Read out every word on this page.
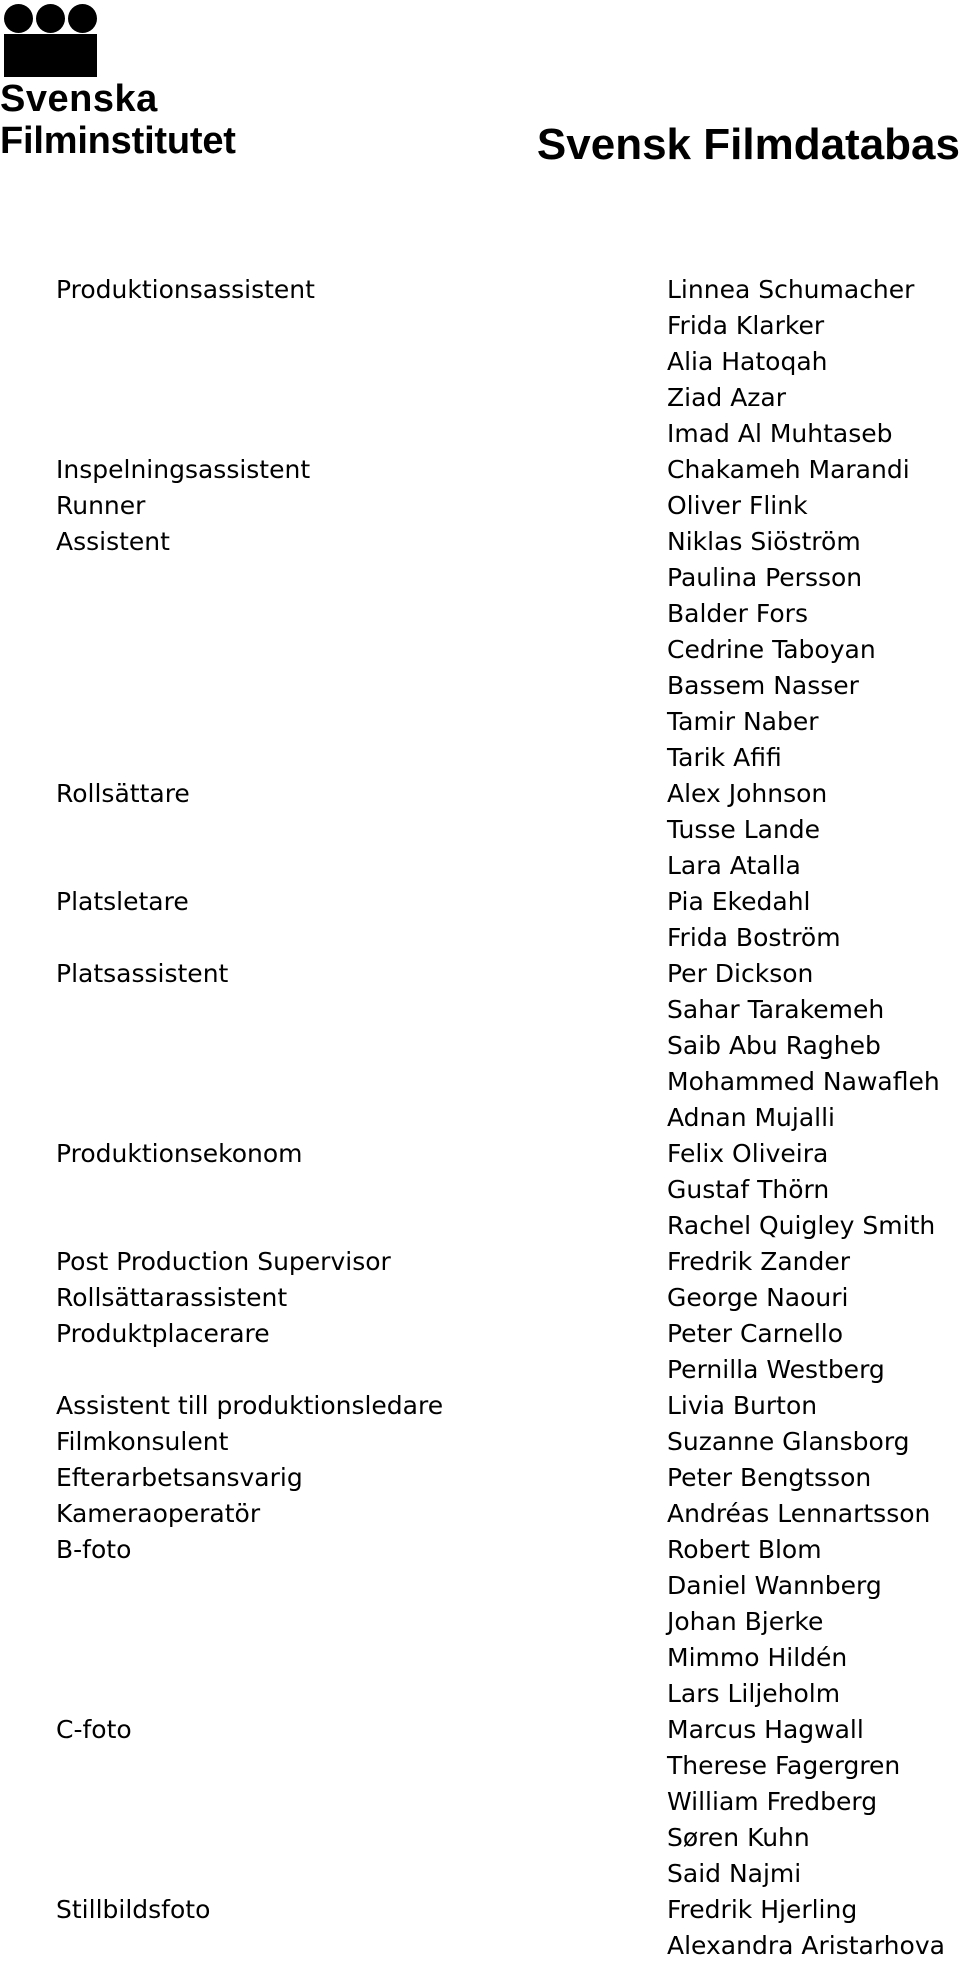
Svenska
Filminstitutet	Svensk Filmdatabas
Produktionsassistent	Linnea Schumacher
Frida Klarker
Alia Hatoqah
Ziad Azar
Imad Al Muhtaseb
Inspelningsassistent	Chakameh Marandi
Runner	Oliver Flink
Assistent	Niklas Siöström
Paulina Persson
Balder Fors
Cedrine Taboyan
Bassem Nasser
Tamir Naber
Tarik Afifi
Rollsättare	Alex Johnson
Tusse Lande
Lara Atalla
Platsletare	Pia Ekedahl
Frida Boström
Platsassistent	Per Dickson
Sahar Tarakemeh
Saib Abu Ragheb
Mohammed Nawafleh
Adnan Mujalli
Produktionsekonom	Felix Oliveira
Gustaf Thörn
Rachel Quigley Smith
Post Production Supervisor	Fredrik Zander
Rollsättarassistent	George Naouri
Produktplacerare	Peter Carnello
Pernilla Westberg
Assistent till produktionsledare	Livia Burton
Filmkonsulent	Suzanne Glansborg
Efterarbetsansvarig	Peter Bengtsson
Kameraoperatör	Andréas Lennartsson
B-foto	Robert Blom
Daniel Wannberg
Johan Bjerke
Mimmo Hildén
Lars Liljeholm
C-foto	Marcus Hagwall
Therese Fagergren
William Fredberg
Søren Kuhn
Said Najmi
Stillbildsfoto	Fredrik Hjerling
Alexandra Aristarhova
